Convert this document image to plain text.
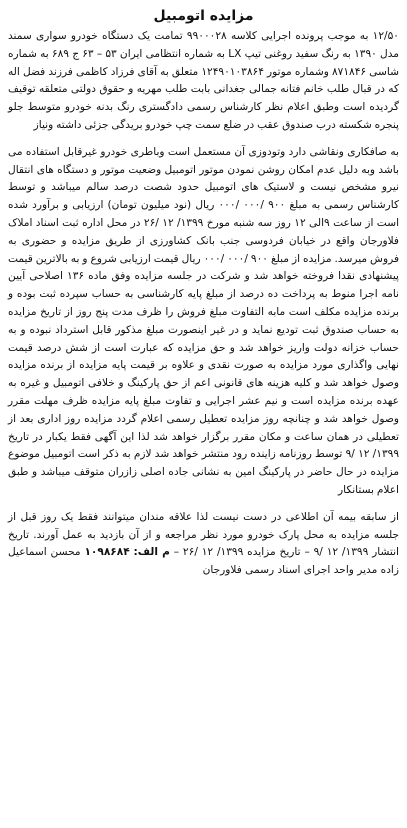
مزایده اتومبیل

۱۲/۵۰ به موجب پرونده اجرایی کلاسه ۹۹۰۰۰۲۸ تمامت یک دستگاه خودرو سواری سمند مدل ۱۳۹۰ به رنگ سفید روغنی تیپ LX به شماره انتظامی ایران ۵۳ – ۶۳ ج ۶۸۹ به شماره شاسی ۸۷۱۸۴۶ وشماره موتور ۱۲۴۹۰۱۰۳۸۶۴ متعلق به آقای فرزاد کاظمی فرزند فضل اله که در قبال طلب خانم فتانه جمالی جغدانی بابت طلب مهریه و حقوق دولتی متعلقه توقیف گردیده است وطبق اعلام نظر کارشناس رسمی دادگستری رنگ بدنه خودرو متوسط جلو پنجره شکسته درب صندوق عقب در ضلع سمت چپ خودرو بریدگی جزئی داشته ونیاز

به صافکاری ونقاشی دارد وتودوزی آن مستعمل است وباطری خودرو غیرقابل استفاده می باشد وبه دلیل عدم امکان روشن نمودن موتور اتومبیل وضعیت موتور و دستگاه های انتقال نیرو مشخص نیست و لاستیک های اتومبیل حدود شصت درصد سالم میباشد و توسط کارشناس رسمی به مبلغ ۹۰۰ /۰۰۰ /۰۰۰ ریال (نود میلیون تومان) ارزیابی و برآورد شده است از ساعت ۹الی ۱۲ روز سه شنبه مورخ ۱۳۹۹/ ۱۲ /۲۶ در محل اداره ثبت اسناد املاک فلاورجان واقع در خیابان فردوسی جنب بانک کشاورزی از طریق مزایده و حضوری به فروش میرسد. مزایده از مبلغ ۹۰۰ /۰۰۰ /۰۰۰ ریال قیمت ارزیابی شروع و به بالاترین قیمت پیشنهادی نقدا فروخته خواهد شد و شرکت در جلسه مزایده وفق ماده ۱۳۶ اصلاحی آیین نامه اجرا منوط به پرداخت ده درصد از مبلغ پایه کارشناسی به حساب سپرده ثبت بوده و برنده مزایده مکلف است مابه التفاوت مبلغ فروش را ظرف مدت پنج روز از تاریخ مزایده به حساب صندوق ثبت تودیع نماید و در غیر اینصورت مبلغ مذکور قابل استرداد نبوده و به حساب خزانه دولت واریز خواهد شد و حق مزایده که عبارت است از شش درصد قیمت نهایی واگذاری مورد مزایده به صورت نقدی و علاوه بر قیمت پایه مزایده از برنده مزایده وصول خواهد شد و کلیه هزینه های قانونی اعم از حق پارکینگ و خلافی اتومبیل و غیره به عهده برنده مزایده است و نیم عشر اجرایی و تفاوت مبلغ پایه مزایده ظرف مهلت مقرر وصول خواهد شد و چنانچه روز مزایده تعطیل رسمی اعلام گردد مزایده روز اداری بعد از تعطیلی در همان ساعت و مکان مقرر برگزار خواهد شد لذا این آگهی فقط یکبار در تاریخ ۱۳۹۹/ ۱۲ /۹ توسط روزنامه زاینده رود منتشر خواهد شد لازم به ذکر است اتومبیل موضوع مزایده در حال حاضر در پارکینگ امین به نشانی جاده اصلی زازران متوقف میباشد و طبق اعلام بستانکار

از سابقه بیمه آن اطلاعی در دست نیست لذا علاقه مندان میتوانند فقط یک روز قبل از جلسه مزایده به محل پارک خودرو مورد نظر مراجعه و از آن بازدید به عمل آورند. تاریخ انتشار ۱۳۹۹/ ۱۲ /۹ – تاریخ مزایده ۱۳۹۹/ ۱۲ /۲۶ – م الف: ۱۰۹۸۶۸۴ محسن اسماعیل زاده مدیر واحد اجرای اسناد رسمی فلاورجان
